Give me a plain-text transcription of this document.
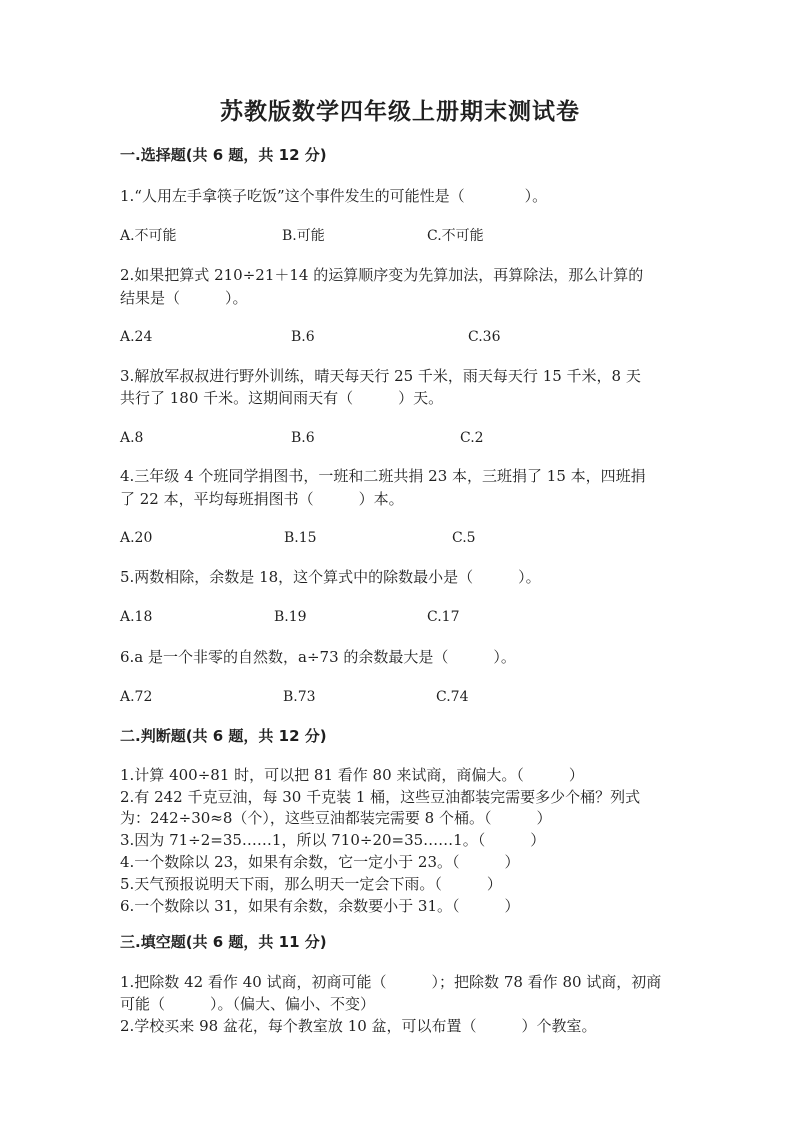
苏教版数学四年级上册期末测试卷
一.选择题(共 6 题，共 12 分)
1.“人用左手拿筷子吃饭”这个事件发生的可能性是（　　　　）。
A.不可能	B.可能	C.不可能
2.如果把算式 210÷21＋14 的运算顺序变为先算加法，再算除法，那么计算的
结果是（　　　）。
A.24	B.6	C.36
3.解放军叔叔进行野外训练，晴天每天行 25 千米，雨天每天行 15 千米，8 天
共行了 180 千米。这期间雨天有（　　　）天。
A.8	B.6	C.2
4.三年级 4 个班同学捐图书，一班和二班共捐 23 本，三班捐了 15 本，四班捐
了 22 本，平均每班捐图书（　　　）本。
A.20	B.15	C.5
5.两数相除，余数是 18，这个算式中的除数最小是（　　　）。
A.18	B.19	C.17
6.a 是一个非零的自然数，a÷73 的余数最大是（　　　）。
A.72	B.73	C.74
二.判断题(共 6 题，共 12 分)
1.计算 400÷81 时，可以把 81 看作 80 来试商，商偏大。（　　　）
2.有 242 千克豆油，每 30 千克装 1 桶，这些豆油都装完需要多少个桶？列式
为：242÷30≈8（个），这些豆油都装完需要 8 个桶。（　　　）
3.因为 71÷2=35……1，所以 710÷20=35……1。（　　　）
4.一个数除以 23，如果有余数，它一定小于 23。（　　　）
5.天气预报说明天下雨，那么明天一定会下雨。（　　　）
6.一个数除以 31，如果有余数，余数要小于 31。（　　　）
三.填空题(共 6 题，共 11 分)
1.把除数 42 看作 40 试商，初商可能（　　　）；把除数 78 看作 80 试商，初商
可能（　　　）。（偏大、偏小、不变）
2.学校买来 98 盆花，每个教室放 10 盆，可以布置（　　　）个教室。
